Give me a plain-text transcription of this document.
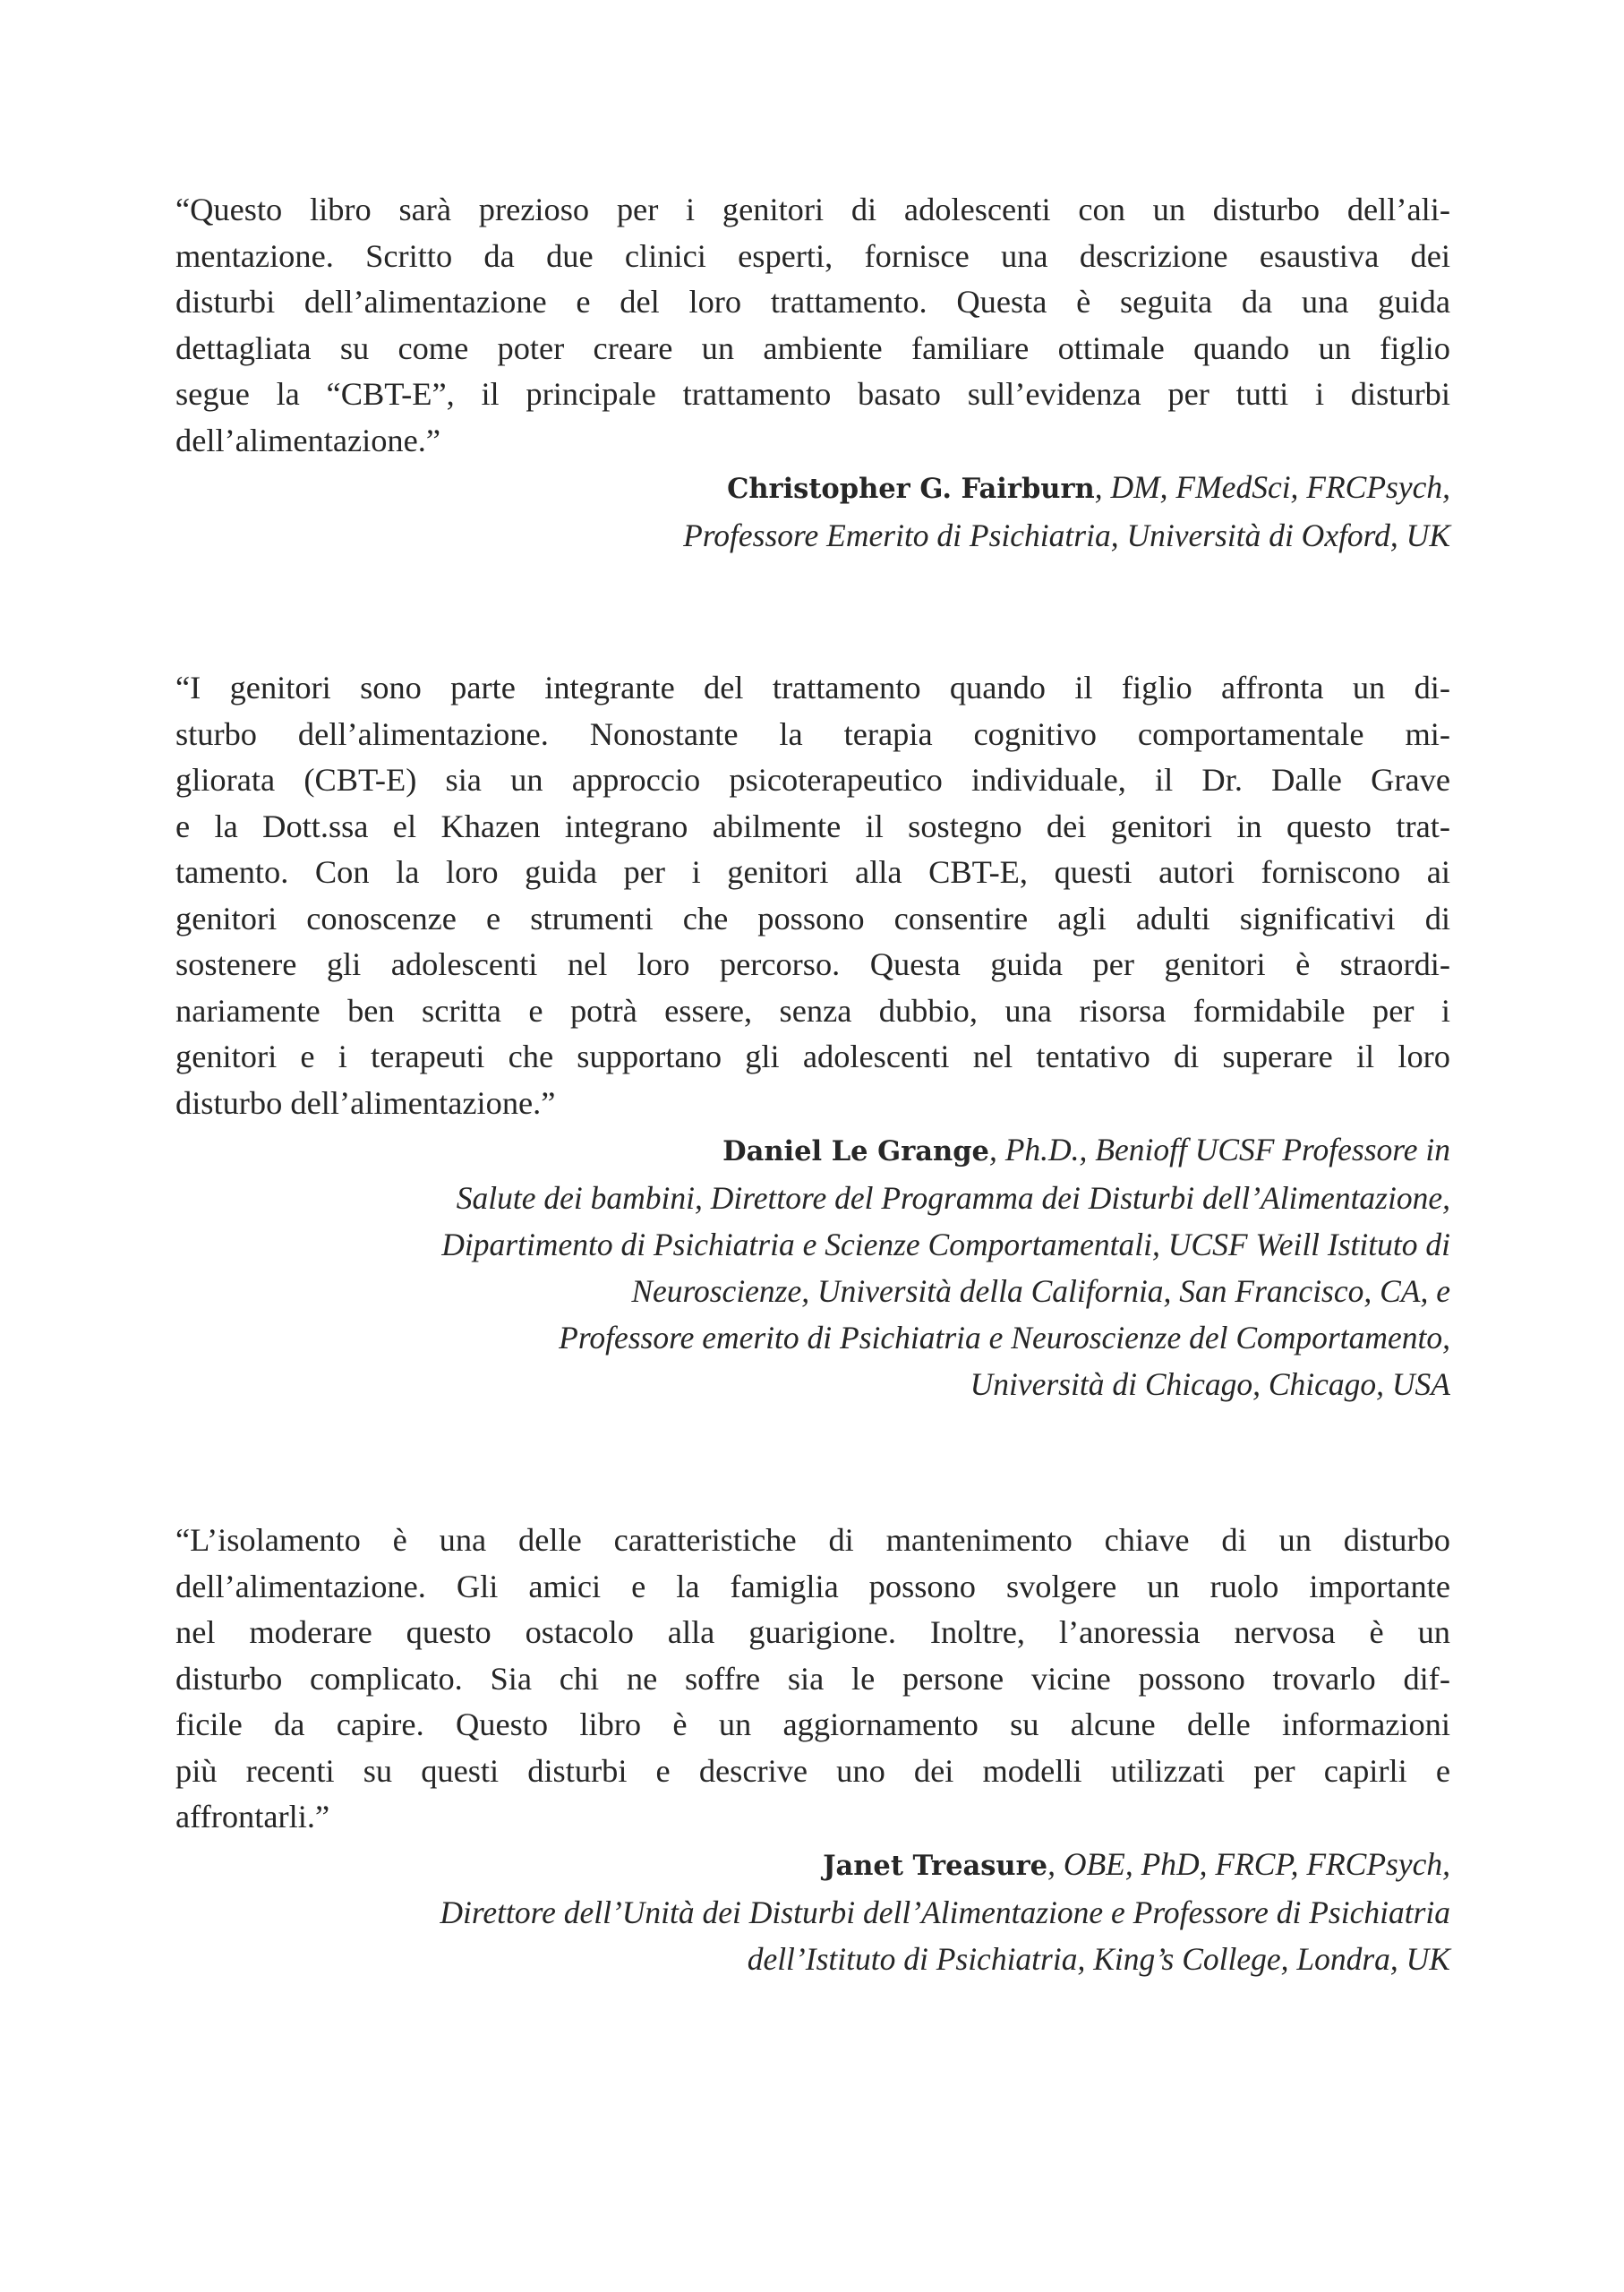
“Questo libro sarà prezioso per i genitori di adolescenti con un disturbo dell’ali-
mentazione. Scritto da due clinici esperti, fornisce una descrizione esaustiva dei
disturbi dell’alimentazione e del loro trattamento. Questa è seguita da una guida
dettagliata su come poter creare un ambiente familiare ottimale quando un figlio
segue la “CBT-E”, il principale trattamento basato sull’evidenza per tutti i disturbi
dell’alimentazione.”

Christopher G. Fairburn, DM, FMedSci, FRCPsych,
Professore Emerito di Psichiatria, Università di Oxford, UK

“I genitori sono parte integrante del trattamento quando il figlio affronta un di-
sturbo dell’alimentazione. Nonostante la terapia cognitivo comportamentale mi-
gliorata (CBT-E) sia un approccio psicoterapeutico individuale, il Dr. Dalle Grave
e la Dott.ssa el Khazen integrano abilmente il sostegno dei genitori in questo trat-
tamento. Con la loro guida per i genitori alla CBT-E, questi autori forniscono ai
genitori conoscenze e strumenti che possono consentire agli adulti significativi di
sostenere gli adolescenti nel loro percorso. Questa guida per genitori è straordi-
nariamente ben scritta e potrà essere, senza dubbio, una risorsa formidabile per i
genitori e i terapeuti che supportano gli adolescenti nel tentativo di superare il loro
disturbo dell’alimentazione.”

Daniel Le Grange, Ph.D., Benioff UCSF Professore in
Salute dei bambini, Direttore del Programma dei Disturbi dell’Alimentazione,
Dipartimento di Psichiatria e Scienze Comportamentali, UCSF Weill Istituto di
Neuroscienze, Università della California, San Francisco, CA, e
Professore emerito di Psichiatria e Neuroscienze del Comportamento,
Università di Chicago, Chicago, USA

“L’isolamento è una delle caratteristiche di mantenimento chiave di un disturbo
dell’alimentazione. Gli amici e la famiglia possono svolgere un ruolo importante
nel moderare questo ostacolo alla guarigione. Inoltre, l’anoressia nervosa è un
disturbo complicato. Sia chi ne soffre sia le persone vicine possono trovarlo dif-
ficile da capire. Questo libro è un aggiornamento su alcune delle informazioni
più recenti su questi disturbi e descrive uno dei modelli utilizzati per capirli e
affrontarli.”

Janet Treasure, OBE, PhD, FRCP, FRCPsych,
Direttore dell’Unità dei Disturbi dell’Alimentazione e Professore di Psichiatria
dell’Istituto di Psichiatria, King’s College, Londra, UK
